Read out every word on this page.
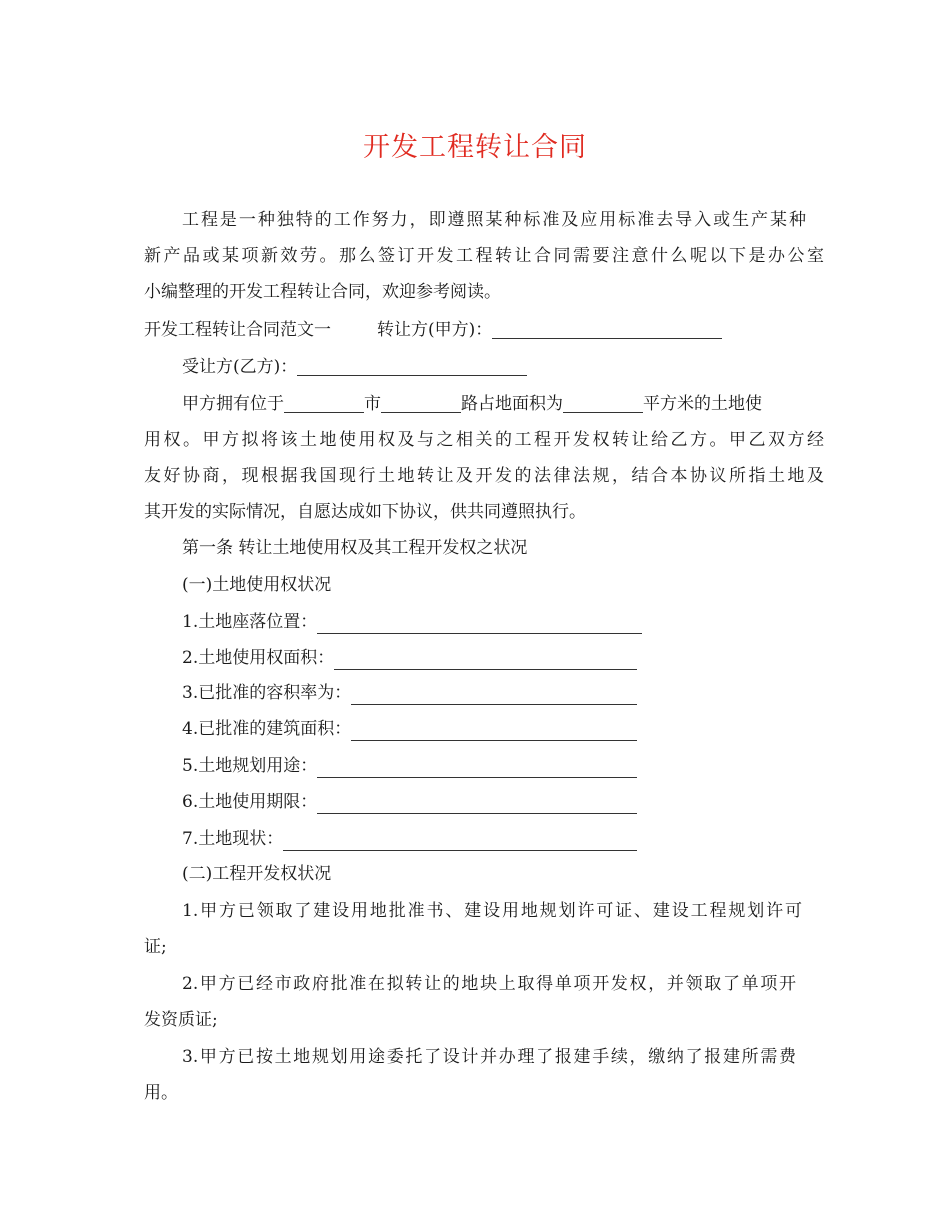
开发工程转让合同
工程是一种独特的工作努力，即遵照某种标准及应用标准去导入或生产某种
新产品或某项新效劳。那么签订开发工程转让合同需要注意什么呢以下是办公室
小编整理的开发工程转让合同，欢迎参考阅读。
开发工程转让合同范文一	转让方(甲方)：
受让方(乙方)：
甲方拥有位于	市	路占地面积为	平方米的土地使
用权。甲方拟将该土地使用权及与之相关的工程开发权转让给乙方。甲乙双方经
友好协商，现根据我国现行土地转让及开发的法律法规，结合本协议所指土地及
其开发的实际情况，自愿达成如下协议，供共同遵照执行。
第一条 转让土地使用权及其工程开发权之状况
(一)土地使用权状况
1.土地座落位置：
2.土地使用权面积：
3.已批准的容积率为：
4.已批准的建筑面积：
5.土地规划用途：
6.土地使用期限：
7.土地现状：
(二)工程开发权状况
1.甲方已领取了建设用地批准书、建设用地规划许可证、建设工程规划许可
证;
2.甲方已经市政府批准在拟转让的地块上取得单项开发权，并领取了单项开
发资质证;
3.甲方已按土地规划用途委托了设计并办理了报建手续，缴纳了报建所需费
用。
